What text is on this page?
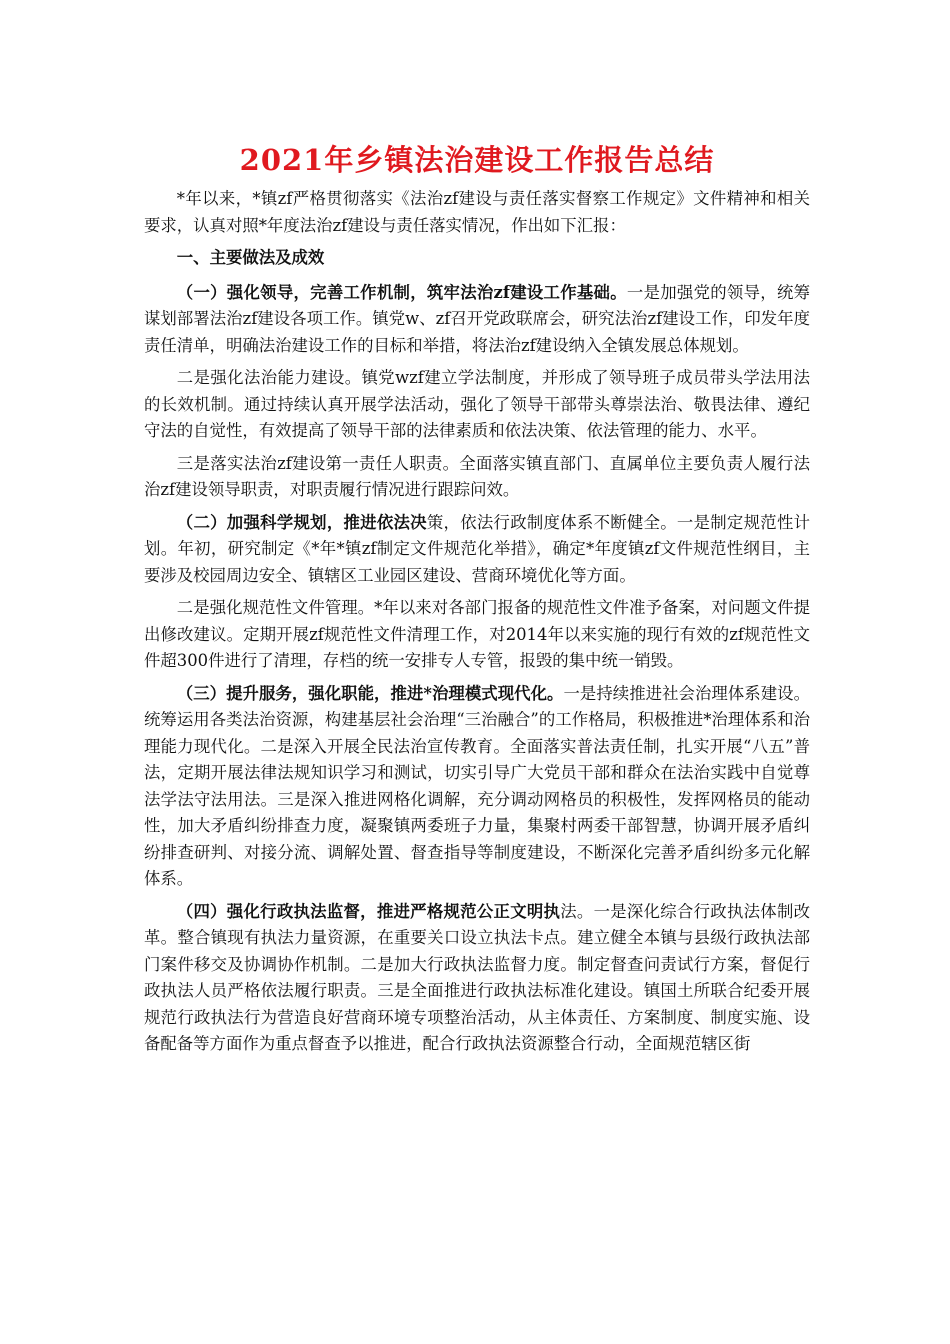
2021年乡镇法治建设工作报告总结

*年以来，*镇zf严格贯彻落实《法治zf建设与责任落实督察工作规定》文件精神和相关要求，认真对照*年度法治zf建设与责任落实情况，作出如下汇报：

一、主要做法及成效

（一）强化领导，完善工作机制，筑牢法治zf建设工作基础。一是加强党的领导，统筹谋划部署法治zf建设各项工作。镇党w、zf召开党政联席会，研究法治zf建设工作，印发年度责任清单，明确法治建设工作的目标和举措，将法治zf建设纳入全镇发展总体规划。

二是强化法治能力建设。镇党wzf建立学法制度，并形成了领导班子成员带头学法用法的长效机制。通过持续认真开展学法活动，强化了领导干部带头尊崇法治、敬畏法律、遵纪守法的自觉性，有效提高了领导干部的法律素质和依法决策、依法管理的能力、水平。

三是落实法治zf建设第一责任人职责。全面落实镇直部门、直属单位主要负责人履行法治zf建设领导职责，对职责履行情况进行跟踪问效。

（二）加强科学规划，推进依法决策，依法行政制度体系不断健全。一是制定规范性计划。年初，研究制定《*年*镇zf制定文件规范化举措》，确定*年度镇zf文件规范性纲目，主要涉及校园周边安全、镇辖区工业园区建设、营商环境优化等方面。

二是强化规范性文件管理。*年以来对各部门报备的规范性文件准予备案，对问题文件提出修改建议。定期开展zf规范性文件清理工作，对2014年以来实施的现行有效的zf规范性文件超300件进行了清理，存档的统一安排专人专管，报毁的集中统一销毁。

（三）提升服务，强化职能，推进*治理模式现代化。一是持续推进社会治理体系建设。统筹运用各类法治资源，构建基层社会治理“三治融合”的工作格局，积极推进*治理体系和治理能力现代化。二是深入开展全民法治宣传教育。全面落实普法责任制，扎实开展“八五”普法，定期开展法律法规知识学习和测试，切实引导广大党员干部和群众在法治实践中自觉尊法学法守法用法。三是深入推进网格化调解，充分调动网格员的积极性，发挥网格员的能动性，加大矛盾纠纷排查力度，凝聚镇两委班子力量，集聚村两委干部智慧，协调开展矛盾纠纷排查研判、对接分流、调解处置、督查指导等制度建设，不断深化完善矛盾纠纷多元化解体系。

（四）强化行政执法监督，推进严格规范公正文明执法。一是深化综合行政执法体制改革。整合镇现有执法力量资源，在重要关口设立执法卡点。建立健全本镇与县级行政执法部门案件移交及协调协作机制。二是加大行政执法监督力度。制定督查问责试行方案，督促行政执法人员严格依法履行职责。三是全面推进行政执法标准化建设。镇国土所联合纪委开展规范行政执法行为营造良好营商环境专项整治活动，从主体责任、方案制度、制度实施、设备配备等方面作为重点督查予以推进，配合行政执法资源整合行动，全面规范辖区街
